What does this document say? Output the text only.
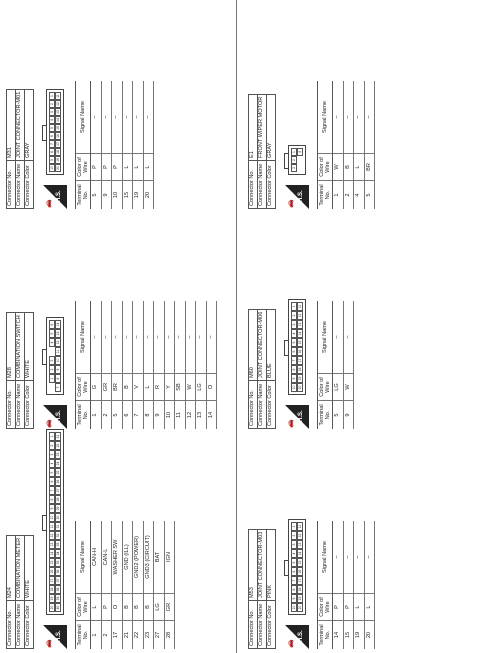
Connector No.	M24
Connector Name	COMBINATION METER
Connector Color	WHITE
🚗
H.S.
20
19
18
17
16
15
14
13
12
11
10
9
8
7
6
5
4
3
2
1
40
39
38
37
36
35
34
33
32
31
30
29
28
27
26
25
24
23
22
21
Terminal No.	Color of Wire	Signal Name
1	L	CAN-H
2	P	CAN-L
17	O	WASHER SW
21	B	GND (ILL)
22	B	GND2 (POWER)
23	B	GND3 (CIRCUIT)
27	LG	BAT
28	GR	IGN
Connector No.	M28
Connector Name	COMBINATION SWITCH
Connector Color	WHITE
🚗
H.S.
1
2
3
4
5
6
7
8
9
10
11
12
13
14
Terminal No.	Color of Wire	Signal Name
1	G	–
2	GR	–
5	BR	–
6	B	–
7	V	–
8	L	–
9	R	–
10	Y	–
11	SB	–
12	W	–
13	LG	–
14	O	–
Connector No.	M31
Connector Name	JOINT CONNECTOR-M01
Connector Color	GRAY
🚗
H.S.
10
9
8
7
6
5
4
3
2
1
20
19
18
17
16
15
14
13
12
11
Terminal No.	Color of Wire	Signal Name
5	P	–
9	P	–
10	P	–
15	L	–
19	L	–
20	L	–
Connector No.	M53
Connector Name	JOINT CONNECTOR-M03
Connector Color	PINK
🚗
H.S.
10
9
8
7
6
5
4
3
2
1
20
19
18
17
16
15
14
13
12
11
Terminal No.	Color of Wire	Signal Name
14	P	–
15	P	–
19	L	–
20	L	–
Connector No.	M60
Connector Name	JOINT CONNECTOR-M06
Connector Color	BLUE
🚗
H.S.
10
9
8
7
6
5
4
3
2
1
20
19
18
17
16
15
14
13
12
11
Terminal No.	Color of Wire	Signal Name
5	LG	–
9	W	–
Connector No.	E1
Connector Name	FRONT WIPER MOTOR
Connector Color	GRAY
🚗
H.S.
3
2
1 4
Terminal No.	Color of Wire	Signal Name
1	W	–
2	B	–
4	L	–
5	BR	–
